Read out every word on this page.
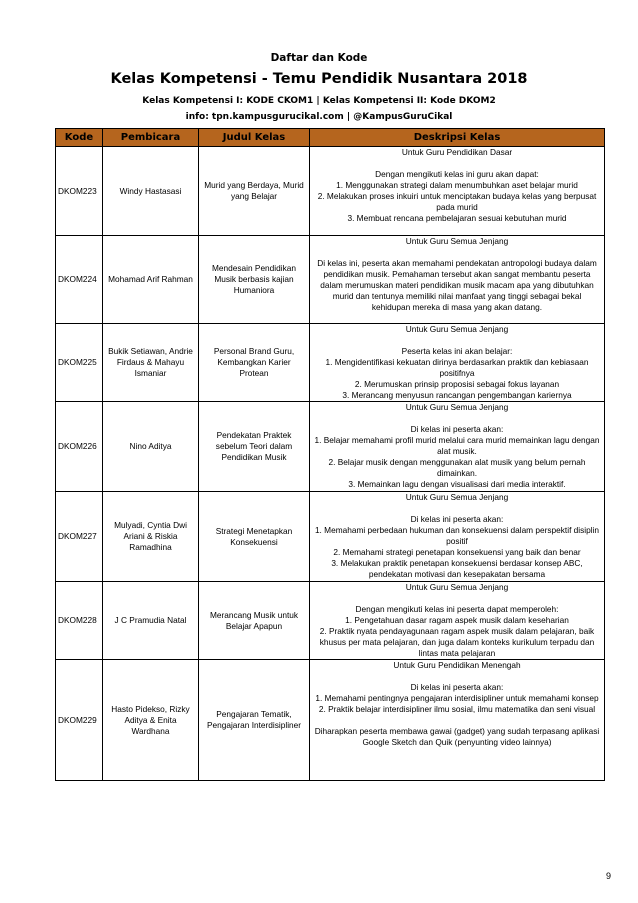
Daftar dan Kode
Kelas Kompetensi - Temu Pendidik Nusantara 2018
Kelas Kompetensi I: KODE CKOM1 | Kelas Kompetensi II: Kode DKOM2
info: tpn.kampusgurucikal.com | @KampusGuruCikal
Kode	Pembicara	Judul Kelas	Deskripsi Kelas
DKOM223	Windy Hastasasi	Murid yang Berdaya, Murid yang Belajar	Untuk Guru Pendidikan Dasar

Dengan mengikuti kelas ini guru akan dapat:

1. Menggunakan strategi dalam menumbuhkan aset belajar murid

2. Melakukan proses inkuiri untuk menciptakan budaya kelas yang berpusat pada murid

3. Membuat rencana pembelajaran sesuai kebutuhan murid

DKOM224	Mohamad Arif Rahman	Mendesain Pendidikan Musik berbasis kajian Humaniora	Untuk Guru Semua Jenjang

Di kelas ini, peserta akan memahami pendekatan antropologi budaya dalam pendidikan musik. Pemahaman tersebut akan sangat membantu peserta dalam merumuskan materi pendidikan musik macam apa yang dibutuhkan murid dan tentunya memiliki nilai manfaat yang tinggi sebagai bekal kehidupan mereka di masa yang akan datang.

DKOM225	Bukik Setiawan, Andrie Firdaus & Mahayu Ismaniar	Personal Brand Guru, Kembangkan Karier Protean	Untuk Guru Semua Jenjang

Peserta kelas ini akan belajar:

1. Mengidentifikasi kekuatan dirinya berdasarkan praktik dan kebiasaan positifnya

2. Merumuskan prinsip proposisi sebagai fokus layanan

3. Merancang menyusun rancangan pengembangan kariernya

DKOM226	Nino Aditya	Pendekatan Praktek sebelum Teori dalam Pendidikan Musik	Untuk Guru Semua Jenjang

Di kelas ini peserta akan:

1. Belajar memahami profil murid melalui cara murid memainkan lagu dengan alat musik.

2. Belajar musik dengan menggunakan alat musik yang belum pernah dimainkan.

3. Memainkan lagu dengan visualisasi dari media interaktif.

DKOM227	Mulyadi, Cyntia Dwi Ariani & Riskia Ramadhina	Strategi Menetapkan Konsekuensi	Untuk Guru Semua Jenjang

Di kelas ini peserta akan:

1. Memahami perbedaan hukuman dan konsekuensi dalam perspektif disiplin positif

2. Memahami strategi penetapan konsekuensi yang baik dan benar

3. Melakukan praktik penetapan konsekuensi berdasar konsep ABC, pendekatan motivasi dan kesepakatan bersama

DKOM228	J C Pramudia Natal	Merancang Musik untuk Belajar Apapun	Untuk Guru Semua Jenjang

Dengan mengikuti kelas ini peserta dapat memperoleh:

1. Pengetahuan dasar ragam aspek musik dalam keseharian

2. Praktik nyata pendayagunaan ragam aspek musik dalam pelajaran, baik khusus per mata pelajaran, dan juga dalam konteks kurikulum terpadu dan lintas mata pelajaran

DKOM229	Hasto Pidekso, Rizky Aditya & Enita Wardhana	Pengajaran Tematik, Pengajaran Interdisipliner	Untuk Guru Pendidikan Menengah

Di kelas ini peserta akan:

1. Memahami pentingnya pengajaran interdisipliner untuk memahami konsep

2. Praktik belajar interdisipliner ilmu sosial, ilmu matematika dan seni visual

Diharapkan peserta membawa gawai (gadget) yang sudah terpasang aplikasi Google Sketch dan Quik (penyunting video lainnya)

9
